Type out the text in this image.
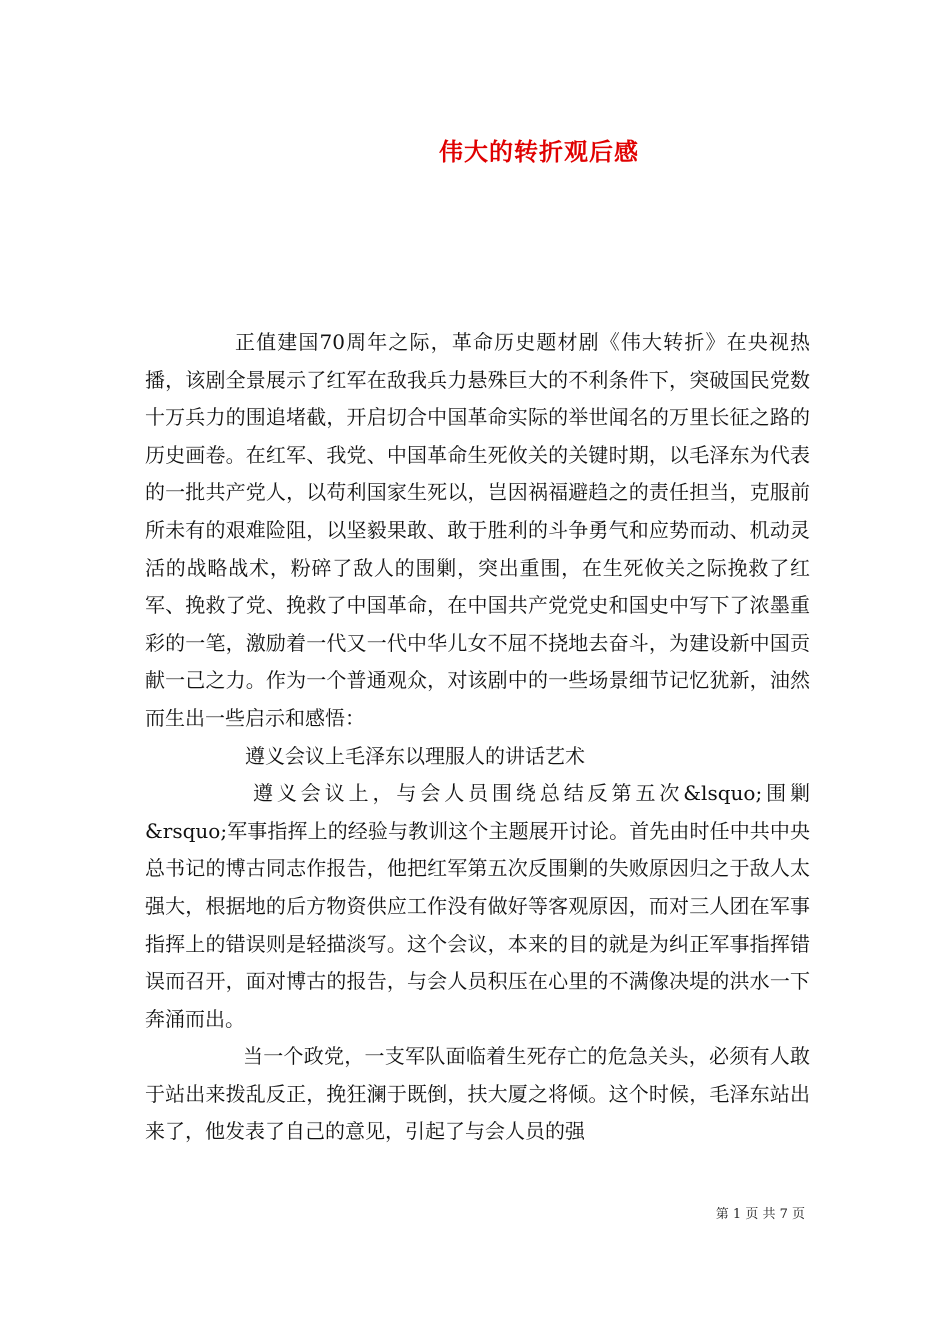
伟大的转折观后感

正值建国70周年之际，革命历史题材剧《伟大转折》在央视热播，该剧全景展示了红军在敌我兵力悬殊巨大的不利条件下，突破国民党数十万兵力的围追堵截，开启切合中国革命实际的举世闻名的万里长征之路的历史画卷。在红军、我党、中国革命生死攸关的关键时期，以毛泽东为代表的一批共产党人，以苟利国家生死以，岂因祸福避趋之的责任担当，克服前所未有的艰难险阻，以坚毅果敢、敢于胜利的斗争勇气和应势而动、机动灵活的战略战术，粉碎了敌人的围剿，突出重围，在生死攸关之际挽救了红军、挽救了党、挽救了中国革命，在中国共产党党史和国史中写下了浓墨重彩的一笔，激励着一代又一代中华儿女不屈不挠地去奋斗，为建设新中国贡献一己之力。作为一个普通观众，对该剧中的一些场景细节记忆犹新，油然而生出一些启示和感悟：

遵义会议上毛泽东以理服人的讲话艺术

遵义会议上，与会人员围绕总结反第五次&lsquo;围剿&rsquo;军事指挥上的经验与教训这个主题展开讨论。首先由时任中共中央总书记的博古同志作报告，他把红军第五次反围剿的失败原因归之于敌人太强大，根据地的后方物资供应工作没有做好等客观原因，而对三人团在军事指挥上的错误则是轻描淡写。这个会议，本来的目的就是为纠正军事指挥错误而召开，面对博古的报告，与会人员积压在心里的不满像决堤的洪水一下奔涌而出。

当一个政党，一支军队面临着生死存亡的危急关头，必须有人敢于站出来拨乱反正，挽狂澜于既倒，扶大厦之将倾。这个时候，毛泽东站出来了，他发表了自己的意见，引起了与会人员的强

第 1 页 共 7 页
